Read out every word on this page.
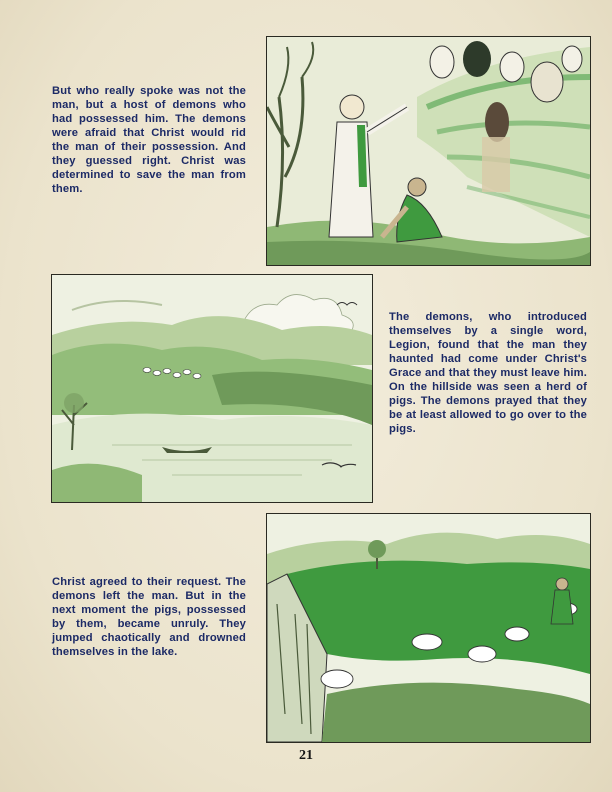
But who really spoke was not the man, but a host of demons who had possessed him. The demons were afraid that Christ would rid the man of their possession. And they guessed right. Christ was determined to save the man from them.
The demons, who introduced themselves by a single word, Legion, found that the man they haunted had come under Christ's Grace and that they must leave him. On the hillside was seen a herd of pigs. The demons prayed that they be at least allowed to go over to the pigs.
Christ agreed to their request. The demons left the man. But in the next moment the pigs, possessed by them, became unruly. They jumped chaotically and drowned themselves in the lake.
21
